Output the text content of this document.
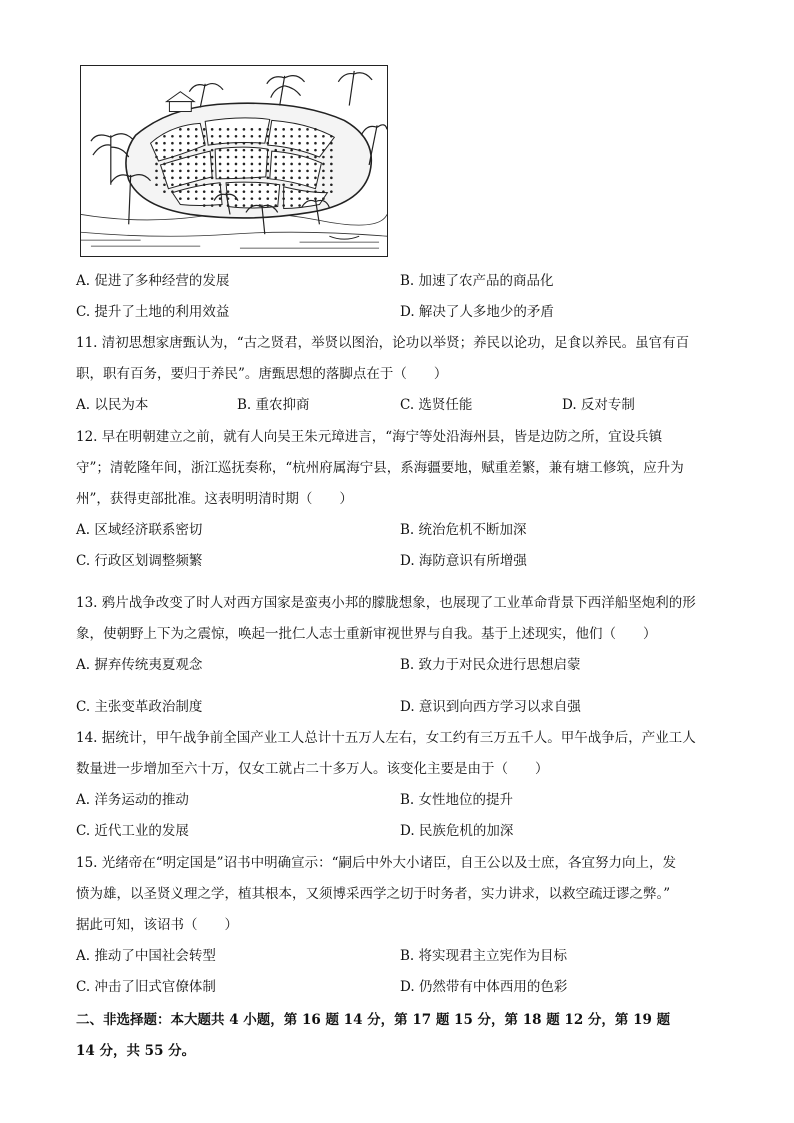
A. 促进了多种经营的发展	B. 加速了农产品的商品化
C. 提升了土地的利用效益	D. 解决了人多地少的矛盾
11. 清初思想家唐甄认为，“古之贤君，举贤以图治，论功以举贤；养民以论功，足食以养民。虽官有百
职，职有百务，要归于养民”。唐甄思想的落脚点在于（　　）
A. 以民为本	B. 重农抑商	C. 选贤任能	D. 反对专制
12. 早在明朝建立之前，就有人向吴王朱元璋进言，“海宁等处沿海州县，皆是边防之所，宜设兵镇
守”；清乾隆年间，浙江巡抚奏称，“杭州府属海宁县，系海疆要地，赋重差繁，兼有塘工修筑，应升为
州”，获得吏部批准。这表明明清时期（　　）
A. 区域经济联系密切	B. 统治危机不断加深
C. 行政区划调整频繁	D. 海防意识有所增强
13. 鸦片战争改变了时人对西方国家是蛮夷小邦的朦胧想象，也展现了工业革命背景下西洋船坚炮利的形
象，使朝野上下为之震惊，唤起一批仁人志士重新审视世界与自我。基于上述现实，他们（　　）
A. 摒弃传统夷夏观念	B. 致力于对民众进行思想启蒙
C. 主张变革政治制度	D. 意识到向西方学习以求自强
14. 据统计，甲午战争前全国产业工人总计十五万人左右，女工约有三万五千人。甲午战争后，产业工人
数量进一步增加至六十万，仅女工就占二十多万人。该变化主要是由于（　　）
A. 洋务运动的推动	B. 女性地位的提升
C. 近代工业的发展	D. 民族危机的加深
15. 光绪帝在“明定国是”诏书中明确宣示：“嗣后中外大小诸臣，自王公以及士庶，各宜努力向上，发
愤为雄，以圣贤义理之学，植其根本，又须博采西学之切于时务者，实力讲求，以救空疏迂谬之弊。”
据此可知，该诏书（　　）
A. 推动了中国社会转型	B. 将实现君主立宪作为目标
C. 冲击了旧式官僚体制	D. 仍然带有中体西用的色彩
二、非选择题：本大题共 4 小题，第 16 题 14 分，第 17 题 15 分，第 18 题 12 分，第 19 题
14 分，共 55 分。
